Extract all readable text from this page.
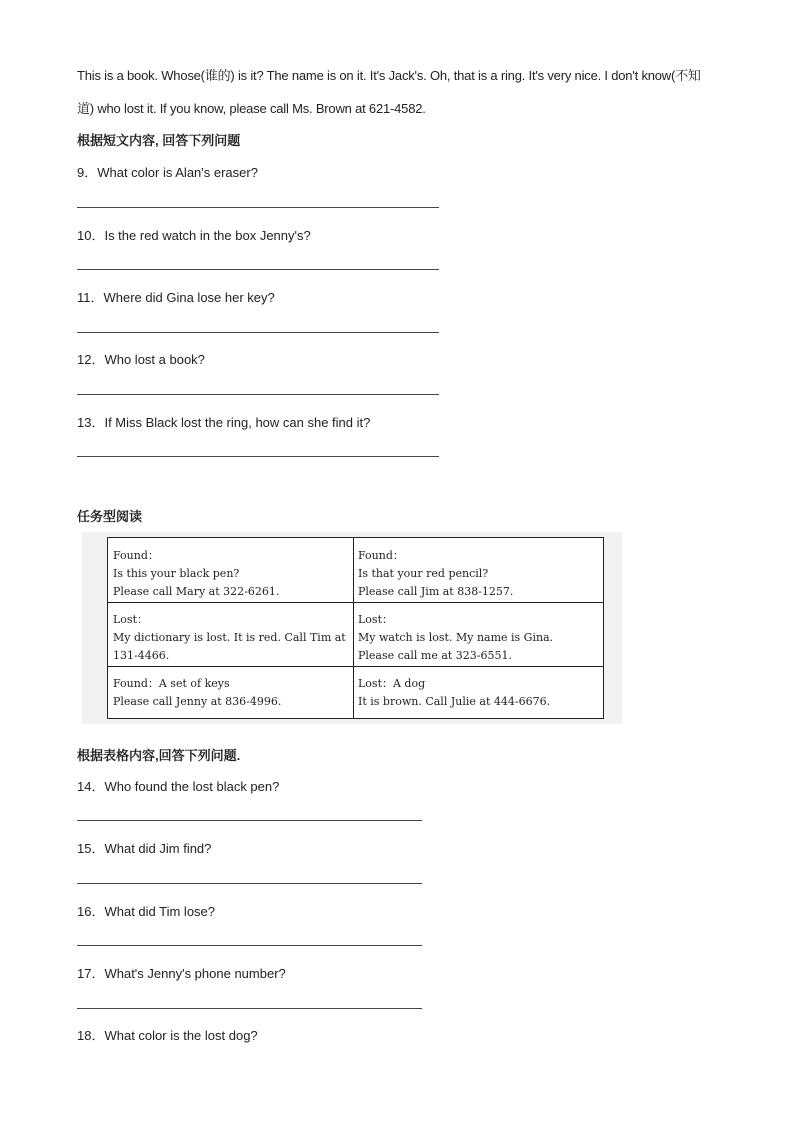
This is a book. Whose(谁的) is it? The name is on it. It's Jack's. Oh, that is a ring. It's very nice. I don't know(不知
道) who lost it. If you know, please call Ms. Brown at 621-4582.
根据短文内容, 回答下列问题
9．What color is Alan's eraser?
10．Is the red watch in the box Jenny's?
11．Where did Gina lose her key?
12．Who lost a book?
13．If Miss Black lost the ring, how can she find it?
任务型阅读
Found：
Is this your black pen?
Please call Mary at 322-6261.
Found：
Is that your red pencil?
Please call Jim at 838-1257.
Lost：
My dictionary is lost. It is red. Call Tim at
131-4466.
Lost：
My watch is lost. My name is Gina.
Please call me at 323-6551.
Found：A set of keys
Please call Jenny at 836-4996.
Lost：A dog
It is brown. Call Julie at 444-6676.
根据表格内容,回答下列问题.
14．Who found the lost black pen?
15．What did Jim find?
16．What did Tim lose?
17．What's Jenny's phone number?
18．What color is the lost dog?
